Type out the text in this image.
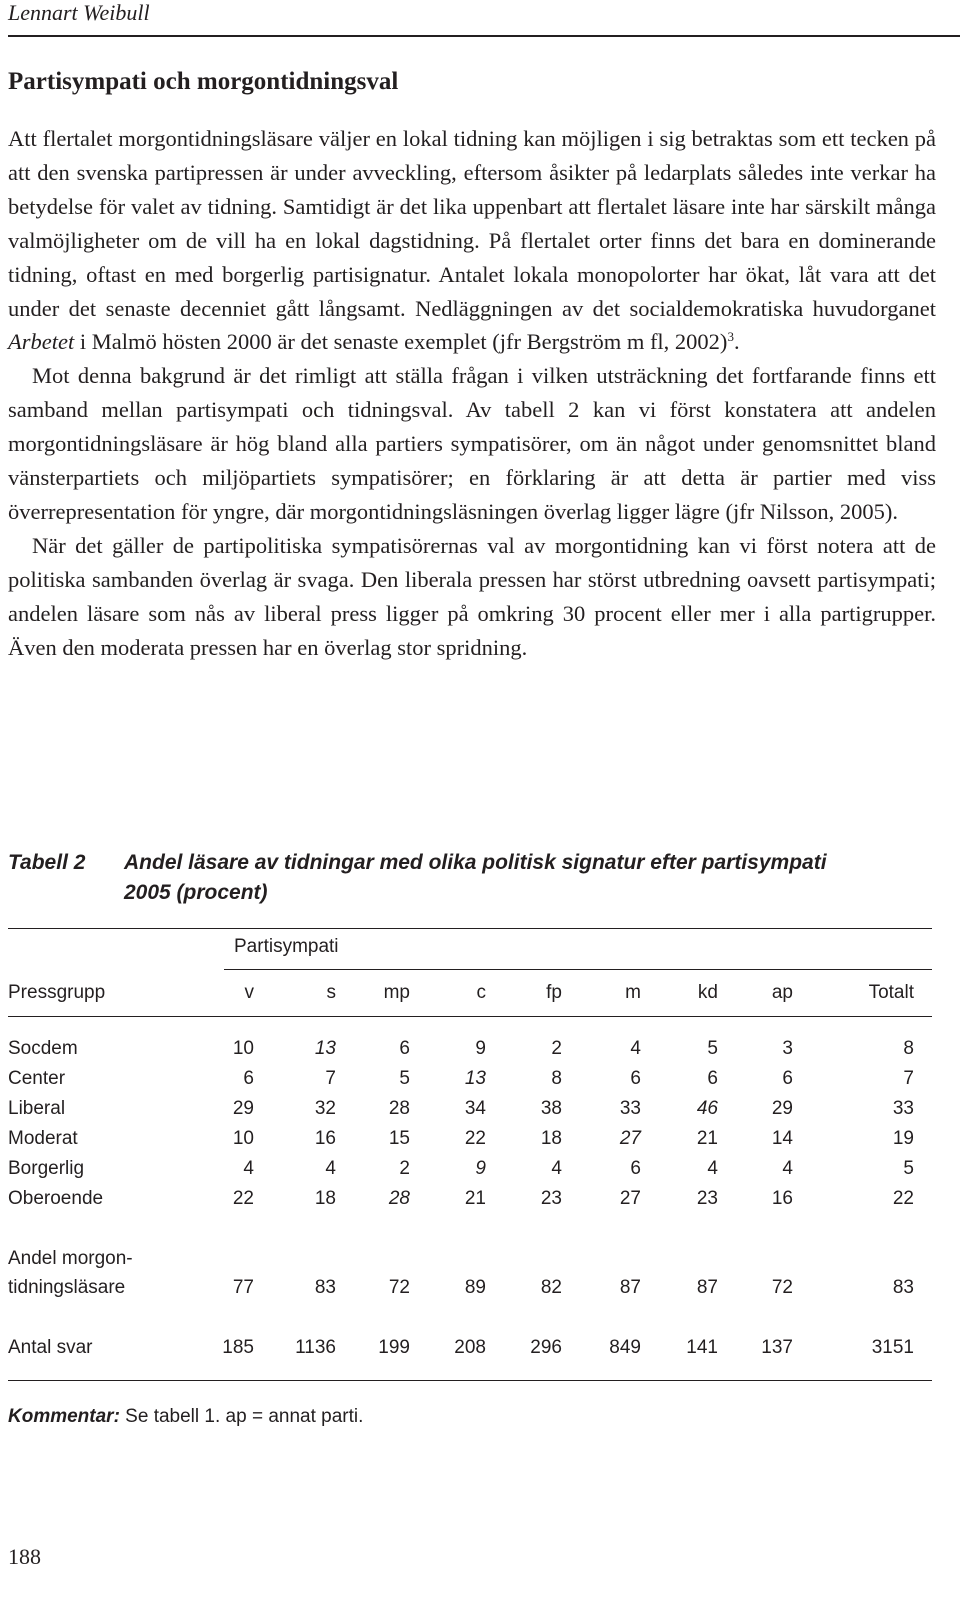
Lennart Weibull
Partisympati och morgontidningsval

Att flertalet morgontidningsläsare väljer en lokal tidning kan möjligen i sig betraktas som ett tecken på att den svenska partipressen är under avveckling, eftersom åsikter på ledarplats således inte verkar ha betydelse för valet av tidning. Samtidigt är det lika uppenbart att flertalet läsare inte har särskilt många valmöjligheter om de vill ha en lokal dagstidning. På flertalet orter finns det bara en dominerande tidning, oftast en med borgerlig partisignatur. Antalet lokala monopolorter har ökat, låt vara att det under det senaste decenniet gått långsamt. Nedläggningen av det socialdemokratiska huvudorganet Arbetet i Malmö hösten 2000 är det senaste exemplet (jfr Bergström m fl, 2002)$^3$.

Mot denna bakgrund är det rimligt att ställa frågan i vilken utsträckning det fortfarande finns ett samband mellan partisympati och tidningsval. Av tabell 2 kan vi först konstatera att andelen morgontidningsläsare är hög bland alla partiers sympatisörer, om än något under genomsnittet bland vänsterpartiets och miljöpartiets sympatisörer; en förklaring är att detta är partier med viss överrepresentation för yngre, där morgontidningsläsningen överlag ligger lägre (jfr Nilsson, 2005).

När det gäller de partipolitiska sympatisörernas val av morgontidning kan vi först notera att de politiska sambanden överlag är svaga. Den liberala pressen har störst utbredning oavsett partisympati; andelen läsare som nås av liberal press ligger på omkring 30 procent eller mer i alla partigrupper. Även den moderata pressen har en överlag stor spridning.

Tabell 2 Andel läsare av tidningar med olika politisk signatur efter partisympati 2005 (procent)
Partisympati
Pressgrupp	v	s	mp	c	fp	m	kd	ap	Totalt
Socdem	10	13	6	9	2	4	5	3	8
Center	6	7	5	13	8	6	6	6	7
Liberal	29	32	28	34	38	33	46	29	33
Moderat	10	16	15	22	18	27	21	14	19
Borgerlig	4	4	2	9	4	6	4	4	5
Oberoende	22	18	28	21	23	27	23	16	22
Andel morgon-
tidningsläsare	77	83	72	89	82	87	87	72	83
Antal svar	185	1136	199	208	296	849	141	137	3151
Kommentar: Se tabell 1. ap = annat parti.
188
